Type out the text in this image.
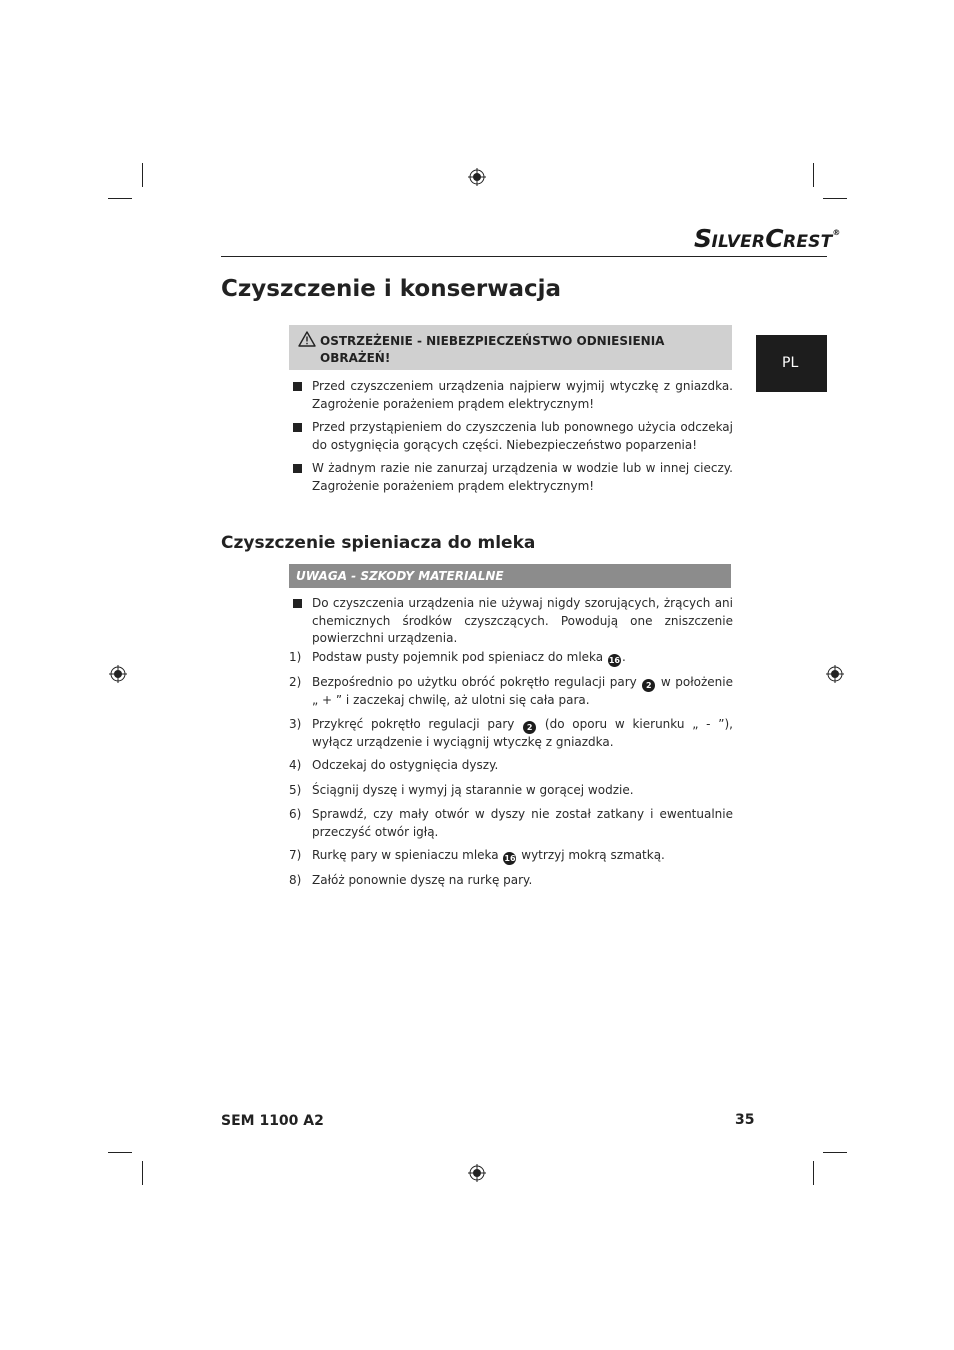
SILVERCREST®
Czyszczenie i konserwacja
PL
OSTRZEŻENIE - NIEBEZPIECZEŃSTWO ODNIESIENIA OBRAŻEŃ!
Przed czyszczeniem urządzenia najpierw wyjmij wtyczkę z gniazdka. Zagrożenie porażeniem prądem elektrycznym!
Przed przystąpieniem do czyszczenia lub ponownego użycia odczekaj do ostygnięcia gorących części. Niebezpieczeństwo poparzenia!
W żadnym razie nie zanurzaj urządzenia w wodzie lub w innej cieczy. Zagrożenie porażeniem prądem elektrycznym!
Czyszczenie spieniacza do mleka
UWAGA - SZKODY MATERIALNE
Do czyszczenia urządzenia nie używaj nigdy szorujących, żrących ani chemicznych środków czyszczących. Powodują one zniszczenie powierzchni urządzenia.
1) Podstaw pusty pojemnik pod spieniacz do mleka 16 .
2) Bezpośrednio po użytku obróć pokrętło regulacji pary 2 w położenie „ + ” i zaczekaj chwilę, aż ulotni się cała para.
3) Przykręć pokrętło regulacji pary 2 (do oporu w kierunku „ - ”), wyłącz urządzenie i wyciągnij wtyczkę z gniazdka.
4) Odczekaj do ostygnięcia dyszy.
5) Ściągnij dyszę i wymyj ją starannie w gorącej wodzie.
6) Sprawdź, czy mały otwór w dyszy nie został zatkany i ewentualnie przeczyść otwór igłą.
7) Rurkę pary w spieniaczu mleka 16 wytrzyj mokrą szmatką.
8) Załóż ponownie dyszę na rurkę pary.
SEM 1100 A2	35
